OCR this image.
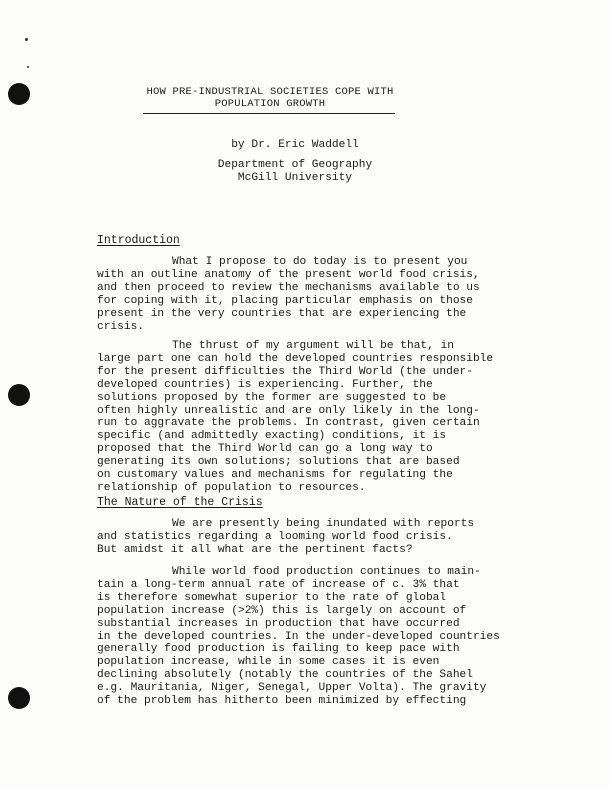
HOW PRE-INDUSTRIAL SOCIETIES COPE WITH
POPULATION GROWTH
by Dr. Eric Waddell
Department of Geography
McGill University
Introduction
What I propose to do today is to present you
with an outline anatomy of the present world food crisis,
and then proceed to review the mechanisms available to us
for coping with it, placing particular emphasis on those
present in the very countries that are experiencing the
crisis.
The thrust of my argument will be that, in
large part one can hold the developed countries responsible
for the present difficulties the Third World (the under-
developed countries) is experiencing. Further, the
solutions proposed by the former are suggested to be
often highly unrealistic and are only likely in the long-
run to aggravate the problems. In contrast, given certain
specific (and admittedly exacting) conditions, it is
proposed that the Third World can go a long way to
generating its own solutions; solutions that are based
on customary values and mechanisms for regulating the
relationship of population to resources.
The Nature of the Crisis
We are presently being inundated with reports
and statistics regarding a looming world food crisis.
But amidst it all what are the pertinent facts?
While world food production continues to main-
tain a long-term annual rate of increase of c. 3% that
is therefore somewhat superior to the rate of global
population increase (>2%) this is largely on account of
substantial increases in production that have occurred
in the developed countries. In the under-developed countries
generally food production is failing to keep pace with
population increase, while in some cases it is even
declining absolutely (notably the countries of the Sahel
e.g. Mauritania, Niger, Senegal, Upper Volta). The gravity
of the problem has hitherto been minimized by effecting
